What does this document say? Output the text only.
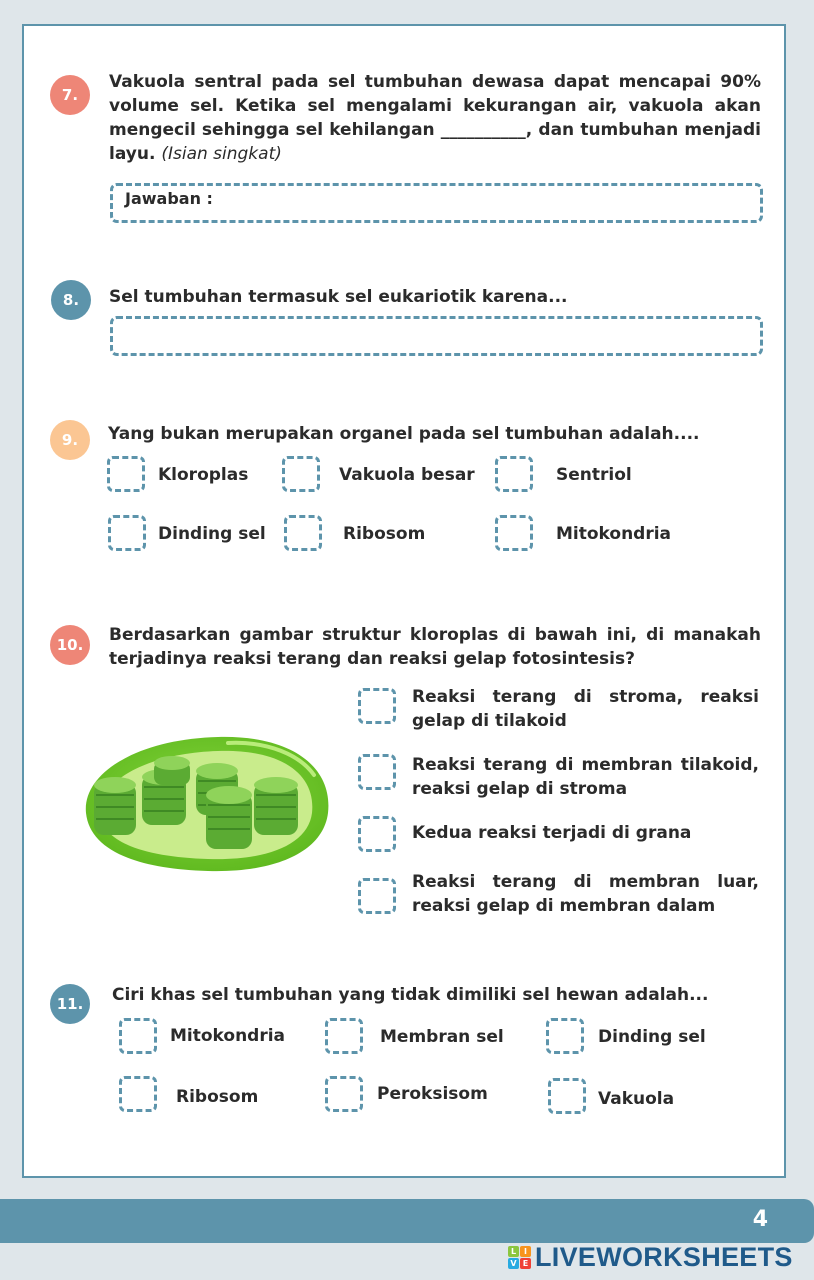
7.

Vakuola sentral pada sel tumbuhan dewasa dapat mencapai 90% volume sel. Ketika sel mengalami kekurangan air, vakuola akan mengecil sehingga sel kehilangan __________, dan tumbuhan menjadi layu. (Isian singkat)

Jawaban :
8.	Sel tumbuhan termasuk sel eukariotik karena...

9.	Yang bukan merupakan organel pada sel tumbuhan adalah....

Kloroplas	Vakuola besar	Sentriol
Dinding sel	Ribosom	Mitokondria
10.	Berdasarkan gambar struktur kloroplas di bawah ini, di manakah terjadinya reaksi terang dan reaksi gelap fotosintesis?

Reaksi terang di stroma, reaksi gelap di tilakoid
Reaksi terang di membran tilakoid, reaksi gelap di stroma
Kedua reaksi terjadi di grana
Reaksi terang di membran luar, reaksi gelap di membran dalam
11.	Ciri khas sel tumbuhan yang tidak dimiliki sel hewan adalah...

Mitokondria	Membran sel	Dinding sel
Ribosom	Peroksisom	Vakuola
4
L I
V E LIVEWORKSHEETS
